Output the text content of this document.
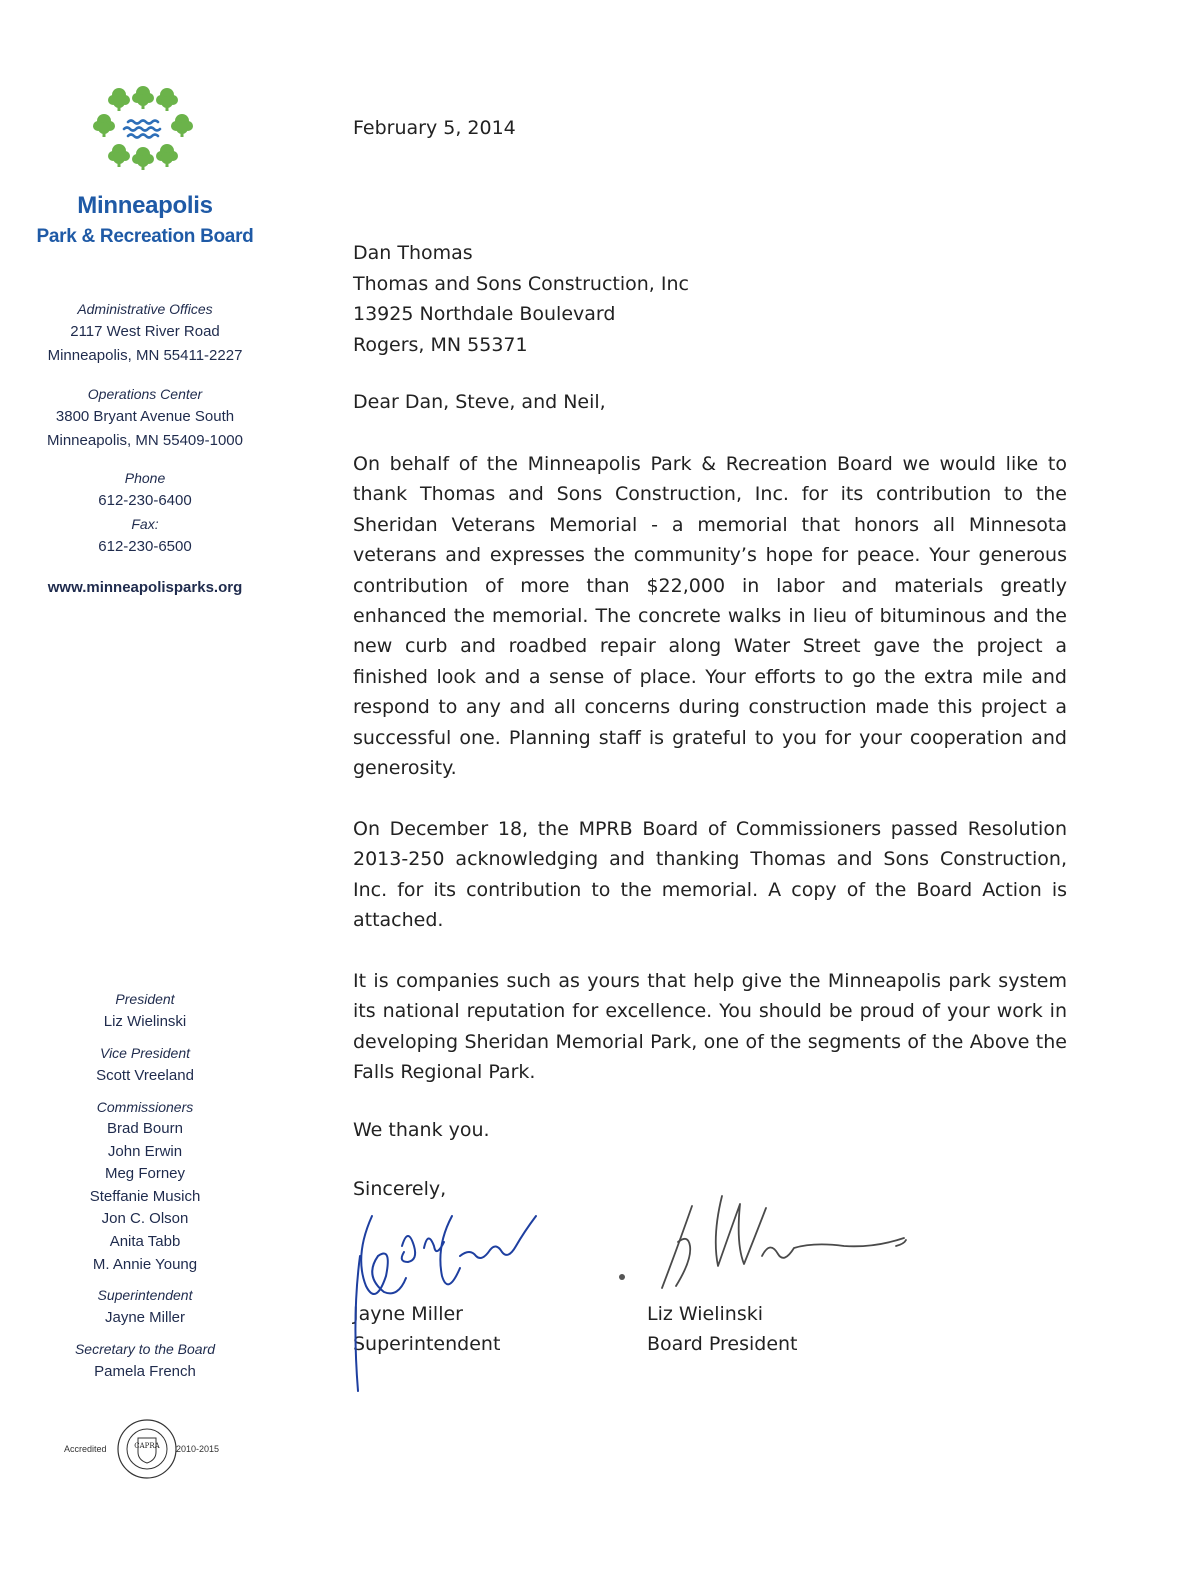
Minneapolis
Park & Recreation Board
Administrative Offices
2117 West River Road
Minneapolis, MN 55411-2227
Operations Center
3800 Bryant Avenue South
Minneapolis, MN 55409-1000
Phone
612-230-6400
Fax:
612-230-6500
www.minneapolisparks.org
President
Liz Wielinski
Vice President
Scott Vreeland
Commissioners
Brad Bourn
John Erwin
Meg Forney
Steffanie Musich
Jon C. Olson
Anita Tabb
M. Annie Young
Superintendent
Jayne Miller
Secretary to the Board
Pamela French
Accredited	CAPRA 2010-2015
February 5, 2014
Dan Thomas
Thomas and Sons Construction, Inc
13925 Northdale Boulevard
Rogers, MN 55371
Dear Dan, Steve, and Neil,

On behalf of the Minneapolis Park & Recreation Board we would like to thank Thomas and Sons Construction, Inc. for its contribution to the Sheridan Veterans Memorial - a memorial that honors all Minnesota veterans and expresses the community’s hope for peace. Your generous contribution of more than $22,000 in labor and materials greatly enhanced the memorial. The concrete walks in lieu of bituminous and the new curb and roadbed repair along Water Street gave the project a finished look and a sense of place. Your efforts to go the extra mile and respond to any and all concerns during construction made this project a successful one. Planning staff is grateful to you for your cooperation and generosity.

On December 18, the MPRB Board of Commissioners passed Resolution 2013-250 acknowledging and thanking Thomas and Sons Construction, Inc. for its contribution to the memorial. A copy of the Board Action is attached.

It is companies such as yours that help give the Minneapolis park system its national reputation for excellence. You should be proud of your work in developing Sheridan Memorial Park, one of the segments of the Above the Falls Regional Park.

We thank you.
Sincerely,
Jayne Miller
Superintendent
Liz Wielinski
Board President
